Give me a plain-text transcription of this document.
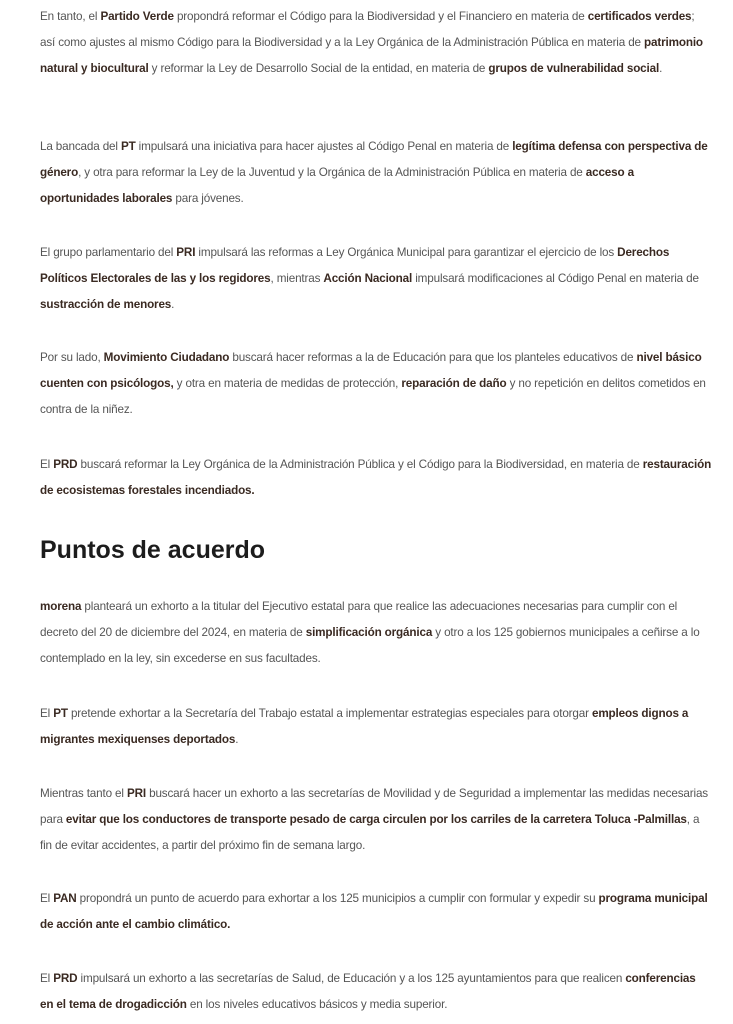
En tanto, el Partido Verde propondrá reformar el Código para la Biodiversidad y el Financiero en materia de certificados verdes; así como ajustes al mismo Código para la Biodiversidad y a la Ley Orgánica de la Administración Pública en materia de patrimonio natural y biocultural y reformar la Ley de Desarrollo Social de la entidad, en materia de grupos de vulnerabilidad social.

La bancada del PT impulsará una iniciativa para hacer ajustes al Código Penal en materia de legítima defensa con perspectiva de género, y otra para reformar la Ley de la Juventud y la Orgánica de la Administración Pública en materia de acceso a oportunidades laborales para jóvenes.

El grupo parlamentario del PRI impulsará las reformas a Ley Orgánica Municipal para garantizar el ejercicio de los Derechos Políticos Electorales de las y los regidores, mientras Acción Nacional impulsará modificaciones al Código Penal en materia de sustracción de menores.

Por su lado, Movimiento Ciudadano buscará hacer reformas a la de Educación para que los planteles educativos de nivel básico cuenten con psicólogos, y otra en materia de medidas de protección, reparación de daño y no repetición en delitos cometidos en contra de la niñez.

El PRD buscará reformar la Ley Orgánica de la Administración Pública y el Código para la Biodiversidad, en materia de restauración de ecosistemas forestales incendiados.

Puntos de acuerdo

morena planteará un exhorto a la titular del Ejecutivo estatal para que realice las adecuaciones necesarias para cumplir con el decreto del 20 de diciembre del 2024, en materia de simplificación orgánica y otro a los 125 gobiernos municipales a ceñirse a lo contemplado en la ley, sin excederse en sus facultades.

El PT pretende exhortar a la Secretaría del Trabajo estatal a implementar estrategias especiales para otorgar empleos dignos a migrantes mexiquenses deportados.

Mientras tanto el PRI buscará hacer un exhorto a las secretarías de Movilidad y de Seguridad a implementar las medidas necesarias para evitar que los conductores de transporte pesado de carga circulen por los carriles de la carretera Toluca -Palmillas, a fin de evitar accidentes, a partir del próximo fin de semana largo.

El PAN propondrá un punto de acuerdo para exhortar a los 125 municipios a cumplir con formular y expedir su programa municipal de acción ante el cambio climático.

El PRD impulsará un exhorto a las secretarías de Salud, de Educación y a los 125 ayuntamientos para que realicen conferencias en el tema de drogadicción en los niveles educativos básicos y media superior.
